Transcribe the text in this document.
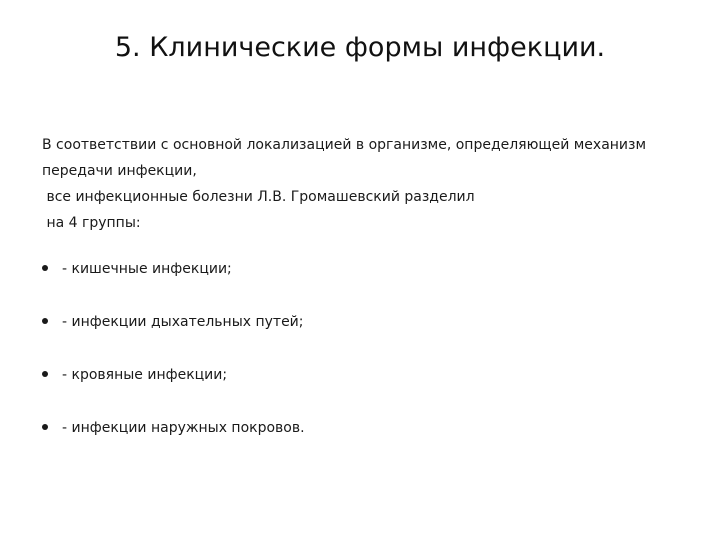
5. Клинические формы инфекции.
В соответствии с основной локализацией в организме, определяющей механизм
передачи инфекции,
все инфекционные болезни Л.В. Громашевский разделил
на 4 группы:
- кишечные инфекции;
- инфекции дыхательных путей;
- кровяные инфекции;
- инфекции наружных покровов.
